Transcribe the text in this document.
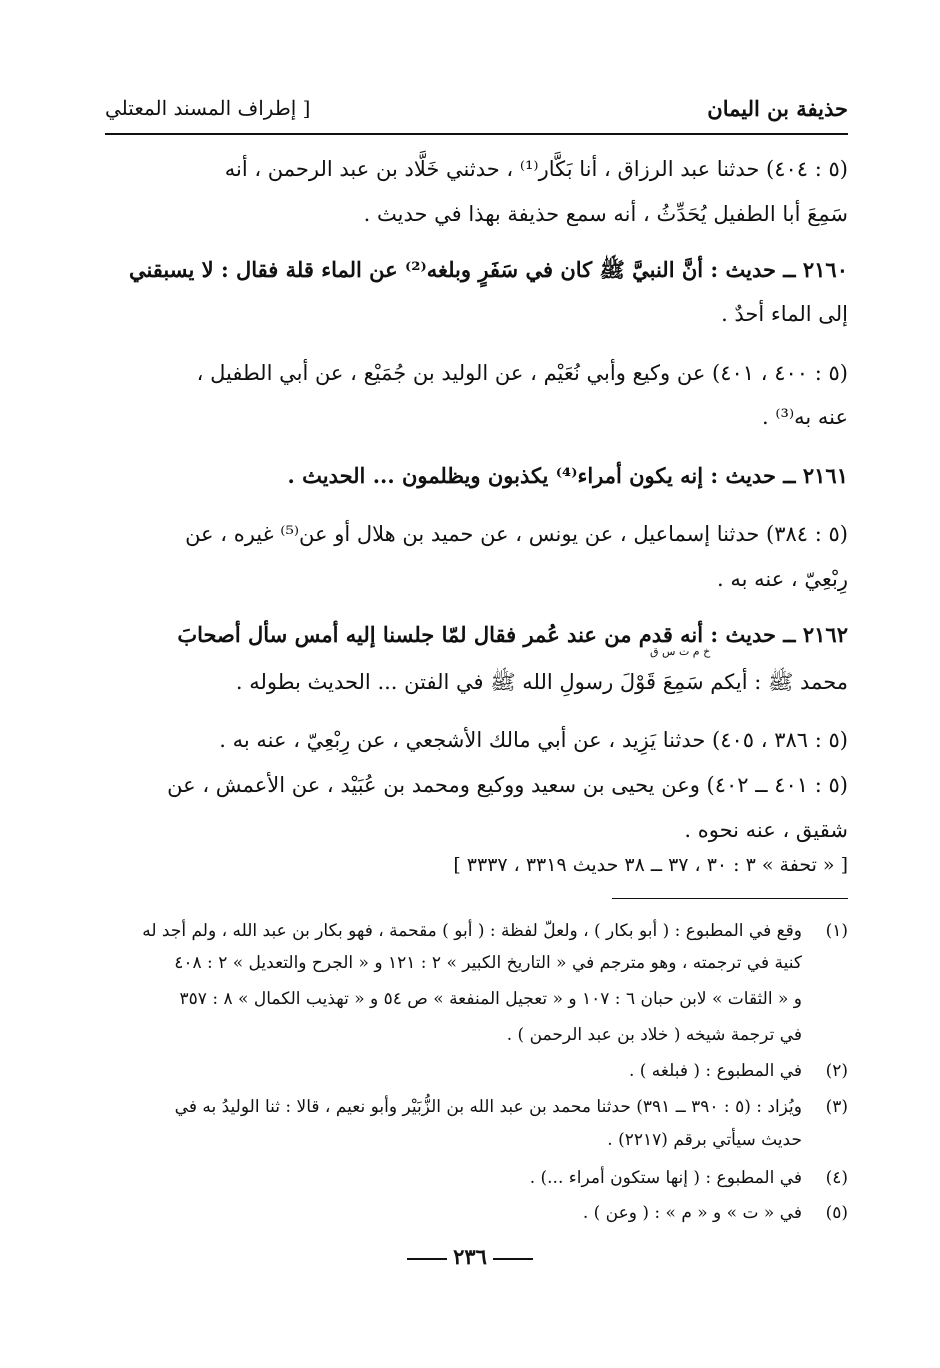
حذيفة بن اليمان
[ إطراف المسند المعتلي
(٥ : ٤٠٤) حدثنا عبد الرزاق ، أنا بَكَّار⁽¹⁾ ، حدثني خَلَّاد بن عبد الرحمن ، أنه
سَمِعَ أبا الطفيل يُحَدِّثُ ، أنه سمع حذيفة بهذا في حديث .
٢١٦٠ ــ حديث : أنَّ النبيَّ ﷺ كان في سَفَرٍ وبلغه⁽²⁾ عن الماء قلة فقال : لا يسبقني
إلى الماء أحدٌ .
(٥ : ٤٠٠ ، ٤٠١) عن وكيع وأبي نُعَيْم ، عن الوليد بن جُمَيْع ، عن أبي الطفيل ،
عنه به⁽³⁾ .
٢١٦١ ــ حديث : إنه يكون أمراء⁽⁴⁾ يكذبون ويظلمون ... الحديث .
(٥ : ٣٨٤) حدثنا إسماعيل ، عن يونس ، عن حميد بن هلال أو عن⁽⁵⁾ غيره ، عن
رِبْعِيّ ، عنه به .
٢١٦٢ ــ حديث : أنه قدم من عند عُمر فقال لمّا جلسنا إليه أمس سأل أصحابَ
خ م ت س ق
محمد ﷺ : أيكم سَمِعَ قَوْلَ رسولِ الله ﷺ في الفتن ... الحديث بطوله .
(٥ : ٣٨٦ ، ٤٠٥) حدثنا يَزِيد ، عن أبي مالك الأشجعي ، عن رِبْعِيّ ، عنه به .
(٥ : ٤٠١ ــ ٤٠٢) وعن يحيى بن سعيد ووكيع ومحمد بن عُبَيْد ، عن الأعمش ، عن
شقيق ، عنه نحوه .
[ « تحفة » ٣ : ٣٠ ، ٣٧ ــ ٣٨ حديث ٣٣١٩ ، ٣٣٣٧ ]
(١)
وقع في المطبوع : ( أبو بكار ) ، ولعلّ لفظة : ( أبو ) مقحمة ، فهو بكار بن عبد الله ، ولم أجد له
كنية في ترجمته ، وهو مترجم في « التاريخ الكبير » ٢ : ١٢١ و « الجرح والتعديل » ٢ : ٤٠٨
و « الثقات » لابن حبان ٦ : ١٠٧ و « تعجيل المنفعة » ص ٥٤ و « تهذيب الكمال » ٨ : ٣٥٧
في ترجمة شيخه ( خلاد بن عبد الرحمن ) .
(٢)
في المطبوع : ( فبلغه ) .
(٣)
ويُزاد : (٥ : ٣٩٠ ــ ٣٩١) حدثنا محمد بن عبد الله بن الزُّبَيْر وأبو نعيم ، قالا : ثنا الوليدُ به في
حديث سيأتي برقم (٢٢١٧) .
(٤)
في المطبوع : ( إنها ستكون أمراء ...) .
(٥)
في « ت » و « م » : ( وعن ) .
٢٣٦
